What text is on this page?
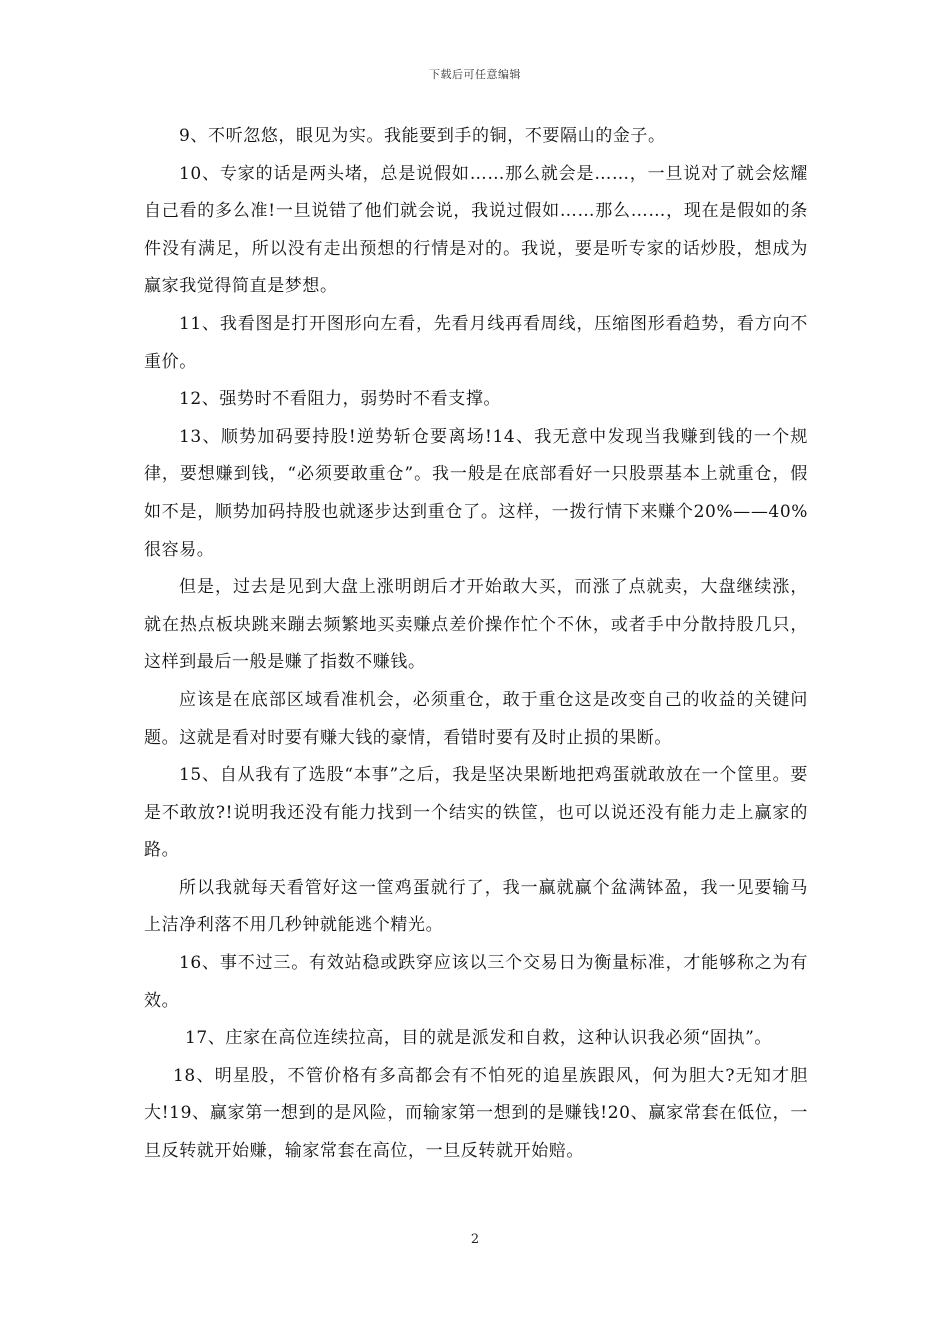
下载后可任意编辑

9、不听忽悠，眼见为实。我能要到手的铜，不要隔山的金子。

10、专家的话是两头堵，总是说假如……那么就会是……，一旦说对了就会炫耀自己看的多么准!一旦说错了他们就会说，我说过假如……那么……，现在是假如的条件没有满足，所以没有走出预想的行情是对的。我说，要是听专家的话炒股，想成为赢家我觉得简直是梦想。

11、我看图是打开图形向左看，先看月线再看周线，压缩图形看趋势，看方向不重价。

12、强势时不看阻力，弱势时不看支撑。

13、顺势加码要持股!逆势斩仓要离场!14、我无意中发现当我赚到钱的一个规律，要想赚到钱，“必须要敢重仓”。我一般是在底部看好一只股票基本上就重仓，假如不是，顺势加码持股也就逐步达到重仓了。这样，一拨行情下来赚个20%——40%很容易。

但是，过去是见到大盘上涨明朗后才开始敢大买，而涨了点就卖，大盘继续涨，就在热点板块跳来蹦去频繁地买卖赚点差价操作忙个不休，或者手中分散持股几只，这样到最后一般是赚了指数不赚钱。

应该是在底部区域看准机会，必须重仓，敢于重仓这是改变自己的收益的关键问题。这就是看对时要有赚大钱的豪情，看错时要有及时止损的果断。

15、自从我有了选股“本事”之后，我是坚决果断地把鸡蛋就敢放在一个筐里。要是不敢放?!说明我还没有能力找到一个结实的铁筐，也可以说还没有能力走上赢家的路。

所以我就每天看管好这一筐鸡蛋就行了，我一赢就赢个盆满钵盈，我一见要输马上洁净利落不用几秒钟就能逃个精光。

16、事不过三。有效站稳或跌穿应该以三个交易日为衡量标准，才能够称之为有效。

17、庄家在高位连续拉高，目的就是派发和自救，这种认识我必须“固执”。

18、明星股，不管价格有多高都会有不怕死的追星族跟风，何为胆大?无知才胆大!19、赢家第一想到的是风险，而输家第一想到的是赚钱!20、赢家常套在低位，一旦反转就开始赚，输家常套在高位，一旦反转就开始赔。

2
